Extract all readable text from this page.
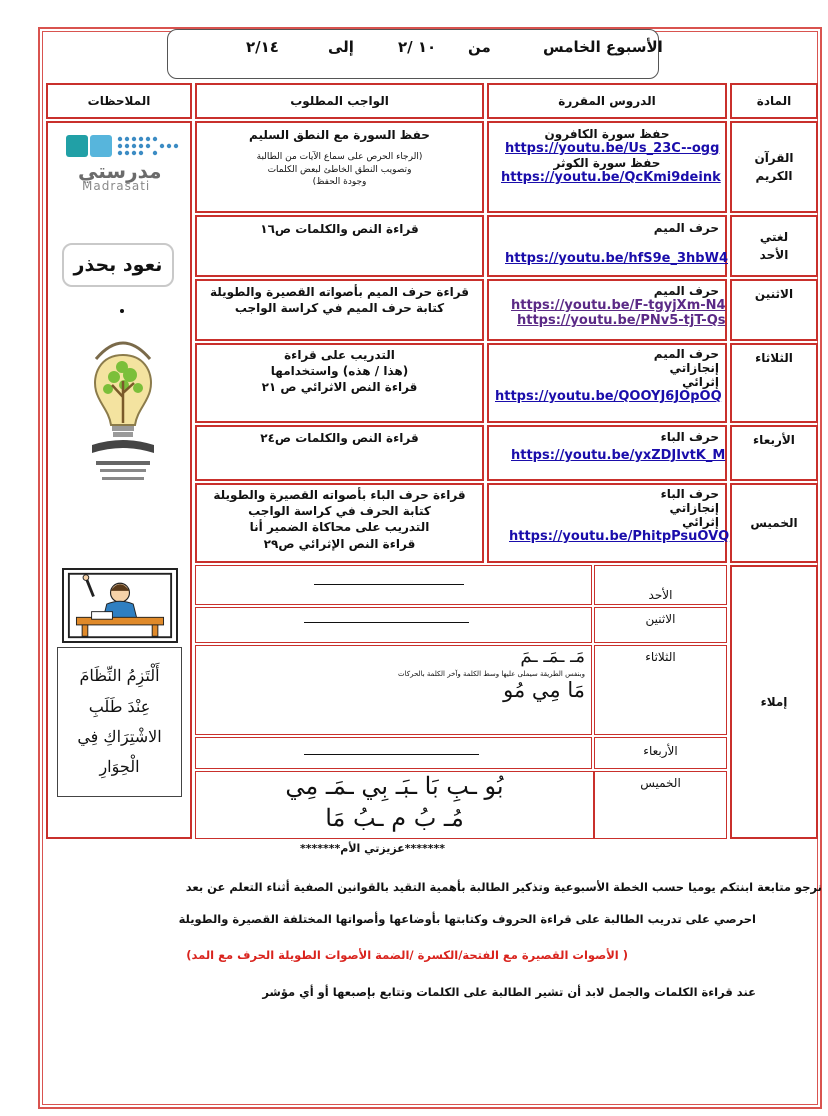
الأسبوع الخامس
من
١٠ /٢
إلى
٢/١٤
المادة
الدروس المقررة
الواجب المطلوب
الملاحظات
القرآن
الكريم
حفظ سورة الكافرون
https://youtu.be/Us_23C--ogg
حفظ سورة الكوثر
https://youtu.be/QcKmi9deink
حفظ السورة مع النطق السليم
(الرجاء الحرص على سماع الآيات من الطالبة
وتصويب النطق الخاطئ لبعض الكلمات
وجودة الحفظ)
لغتي
الأحد
حرف الميم
https://youtu.be/hfS9e_3hbW4
قراءة النص والكلمات ص١٦
الاثنين
حرف الميم
https://youtu.be/F-tgyjXm-N4
https://youtu.be/PNv5-tjT-Qs
قراءة حرف الميم بأصواته القصيرة والطويلة
كتابة حرف الميم في كراسة الواجب
الثلاثاء
حرف الميم
إنجازاتي
إثرائي
https://youtu.be/QOOYJ6JOpOQ
التدريب على قراءة
(هذا / هذه) واستخدامها
قراءة النص الاثرائي ص ٢١
الأربعاء
حرف الباء
https://youtu.be/yxZDJIvtK_M
قراءة النص والكلمات ص٢٤
الخميس
حرف الباء
إنجازاتي
إثرائي
https://youtu.be/PhitpPsuOVQ
قراءة حرف الباء بأصواته القصيرة والطويلة
كتابة الحرف في كراسة الواجب
التدريب على محاكاة الضمير أنا
قراءة النص الإثرائي ص٢٩
إملاء
الأحد
الاثنين
الثلاثاء
مَـ ـمَـ ـمَ
وبنفس الطريقة سيملى عليها وسط الكلمة وآخر الكلمة بالحركات
مَا مِي مُو
الأربعاء
الخميس
بُو ـبِ بَا ـبَـ بِي ـمَـ مِي
مُـ بُ م ـبُ مَا
مدرستي
Madrasati
نعود بحذر
أَلْتَزِمُ النِّظَامَ
عِنْدَ طَلَبِ
الاشْتِرَاكِ فِي
الْحِوَارِ
*******عزيزتي الأم*******
نرجو متابعة ابنتكم يوميا حسب الخطة الأسبوعية وتذكير الطالبة بأهمية التقيد بالقوانين الصفية أثناء التعلم عن بعد
احرصي على تدريب الطالبة على قراءة الحروف وكتابتها بأوضاعها وأصواتها المختلفة القصيرة والطويلة
( الأصوات القصيرة مع الفتحة/الكسرة /الضمة الأصوات الطويلة الحرف مع المد)
عند قراءة الكلمات والجمل لابد أن تشير الطالبة على الكلمات وتتابع بإصبعها أو أي مؤشر
